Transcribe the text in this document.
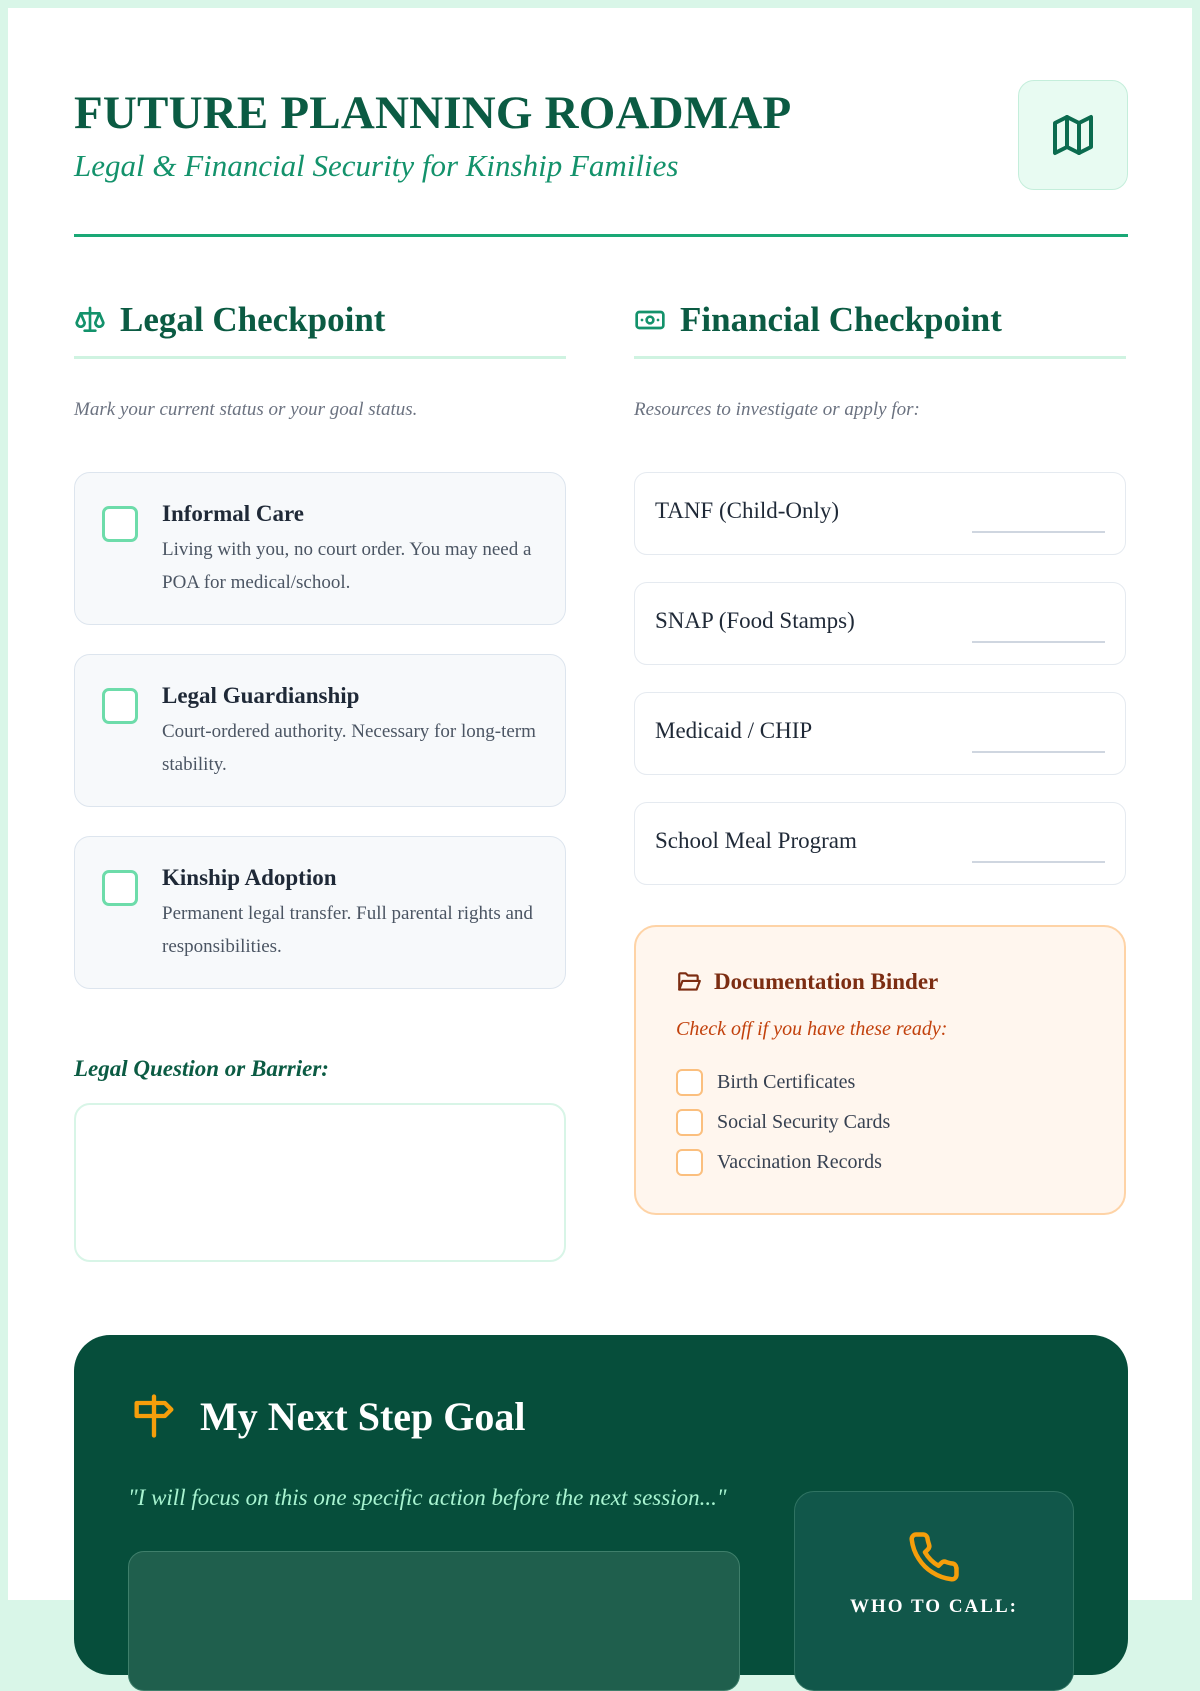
FUTURE PLANNING ROADMAP
Legal & Financial Security for Kinship Families
Legal Checkpoint
Mark your current status or your goal status.
Informal Care
Living with you, no court order. You may need a POA for medical/school.
Legal Guardianship
Court-ordered authority. Necessary for long-term stability.
Kinship Adoption
Permanent legal transfer. Full parental rights and responsibilities.
Legal Question or Barrier:
Financial Checkpoint
Resources to investigate or apply for:
TANF (Child-Only)
SNAP (Food Stamps)
Medicaid / CHIP
School Meal Program
Documentation Binder
Check off if you have these ready:
Birth Certificates
Social Security Cards
Vaccination Records
My Next Step Goal
"I will focus on this one specific action before the next session..."
WHO TO CALL:
